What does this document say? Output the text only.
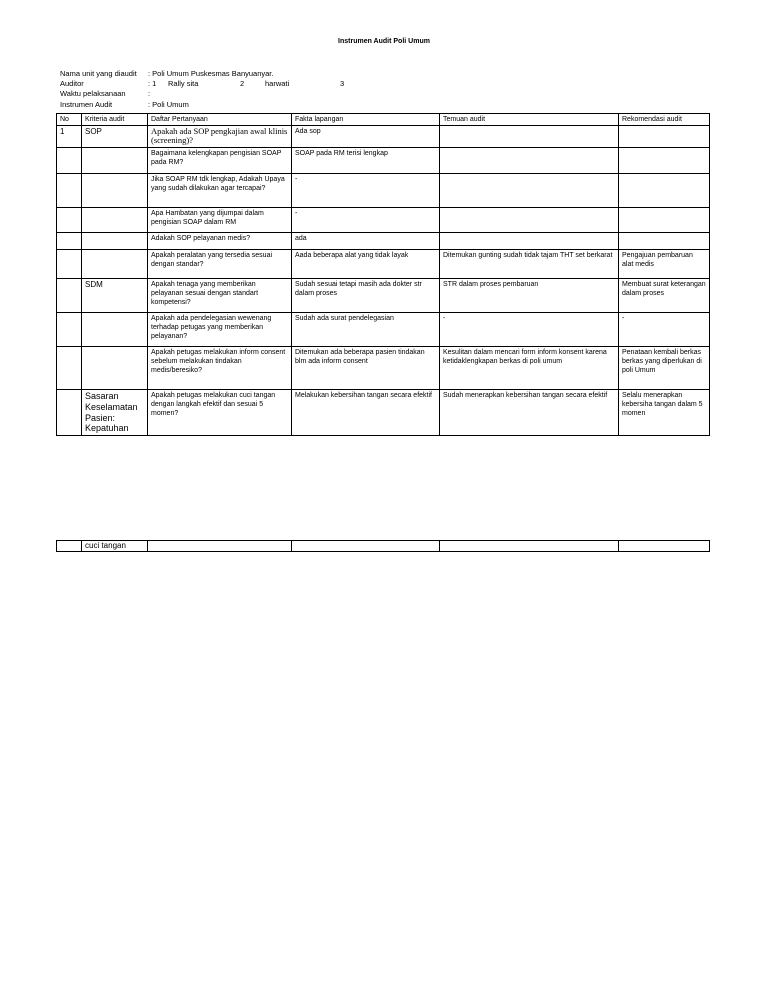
Instrumen Audit Poli Umum
Nama unit yang diaudit : Poli Umum Puskesmas Banyuanyar.
Auditor	: 1 Rally sita	2	harwati	3
Waktu pelaksanaan	:
Instrumen Audit	: Poli Umum
No	Kriteria audit	Daftar Pertanyaan	Fakta lapangan	Temuan audit	Rekomendasi audit
1	SOP	Apakah ada SOP pengkajian awal klinis (screening)?	Ada sop		
		Bagaimana kelengkapan pengisian SOAP pada RM?	SOAP pada RM terisi lengkap		
		Jika SOAP RM tdk lengkap, Adakah Upaya yang sudah dilakukan agar tercapai?	-		
		Apa Hambatan yang dijumpai dalam pengisian SOAP dalam RM	-		
		Adakah SOP pelayanan medis?	ada		
		Apakah peralatan yang tersedia sesuai dengan standar?	Aada beberapa alat yang tidak layak	Ditemukan gunting sudah tidak tajam THT set berkarat	Pengajuan pembaruan alat medis
	SDM	Apakah tenaga yang memberikan pelayanan sesuai dengan standart kompetensi?	Sudah sesuai tetapi masih ada dokter str dalam proses	STR dalam proses pembaruan	Membuat surat keterangan dalam proses
		Apakah ada pendelegasian wewenang terhadap petugas yang memberikan pelayanan?	Sudah ada surat pendelegasian	-	-
		Apakah petugas melakukan inform consent sebelum melakukan tindakan medis/beresiko?	Ditemukan ada beberapa pasien tindakan blm ada inform consent	Kesulitan dalam mencari form inform konsent karena ketidaklengkapan berkas di poli umum	Penataan kembali berkas berkas yang diperlukan di poli Umum
	Sasaran Keselamatan Pasien: Kepatuhan	Apakah petugas melakukan cuci tangan dengan langkah efektif dan sesuai 5 momen?	Melakukan kebersihan tangan secara efektif	Sudah menerapkan kebersihan tangan secara efektif	Selalu menerapkan kebersiha tangan dalam 5 momen
	cuci tangan				
